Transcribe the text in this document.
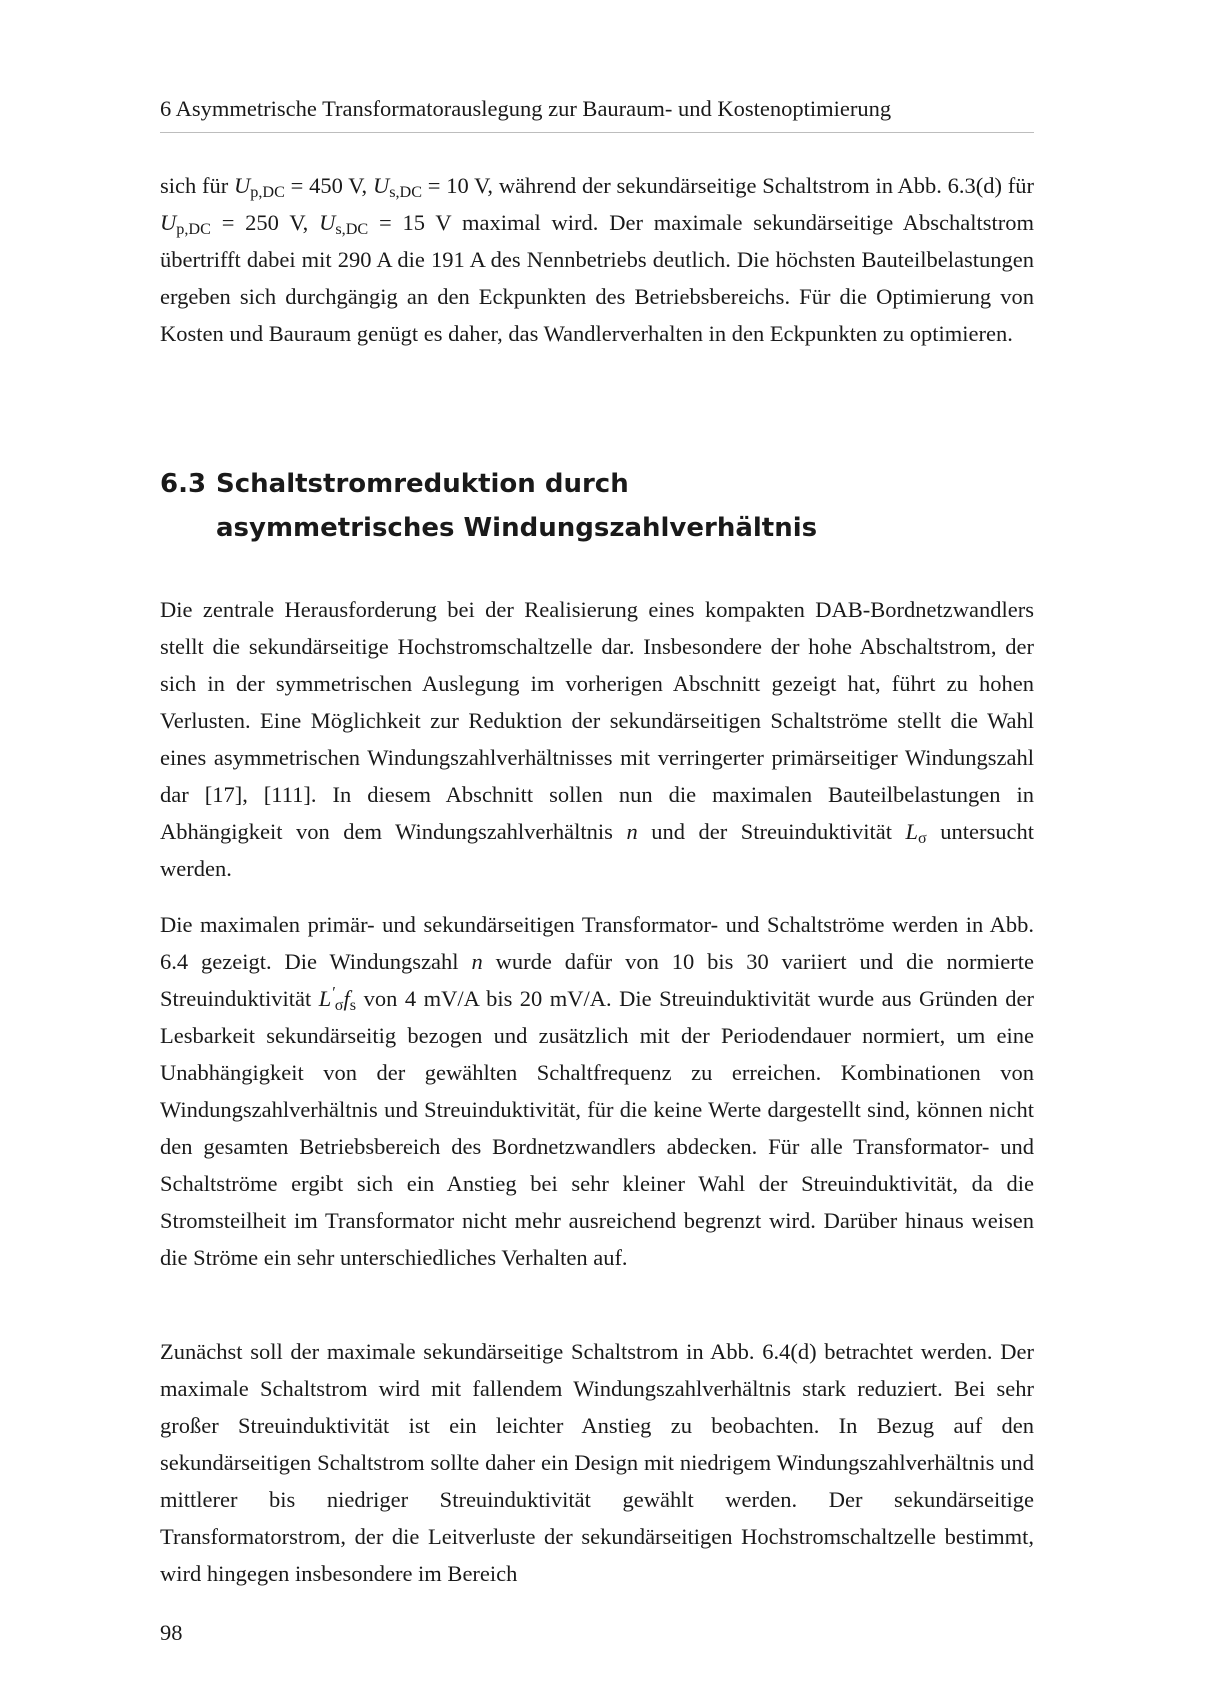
6 Asymmetrische Transformatorauslegung zur Bauraum- und Kostenoptimierung

sich für $U_{p,DC} = 450$ V, $U_{s,DC} = 10$ V, während der sekundärseitige Schaltstrom in Abb. 6.3(d) für $U_{p,DC} = 250$ V, $U_{s,DC} = 15$ V maximal wird. Der maximale sekundärseitige Abschaltstrom übertrifft dabei mit 290 A die 191 A des Nennbetriebs deutlich. Die höchsten Bauteilbelastungen ergeben sich durchgängig an den Eckpunkten des Betriebsbereichs. Für die Optimierung von Kosten und Bauraum genügt es daher, das Wandlerverhalten in den Eckpunkten zu optimieren.

6.3 Schaltstromreduktion durch asymmetrisches Windungszahlverhältnis

Die zentrale Herausforderung bei der Realisierung eines kompakten DAB-Bordnetzwandlers stellt die sekundärseitige Hochstromschaltzelle dar. Insbesondere der hohe Abschaltstrom, der sich in der symmetrischen Auslegung im vorherigen Abschnitt gezeigt hat, führt zu hohen Verlusten. Eine Möglichkeit zur Reduktion der sekundärseitigen Schaltströme stellt die Wahl eines asymmetrischen Windungszahlverhältnisses mit verringerter primärseitiger Windungszahl dar [17], [111]. In diesem Abschnitt sollen nun die maximalen Bauteilbelastungen in Abhängigkeit von dem Windungszahlverhältnis n und der Streuinduktivität $L_\sigma$ untersucht werden.

Die maximalen primär- und sekundärseitigen Transformator- und Schaltströme werden in Abb. 6.4 gezeigt. Die Windungszahl n wurde dafür von 10 bis 30 variiert und die normierte Streuinduktivität $L'_\sigma f_s$ von 4 mV/A bis 20 mV/A. Die Streuinduktivität wurde aus Gründen der Lesbarkeit sekundärseitig bezogen und zusätzlich mit der Periodendauer normiert, um eine Unabhängigkeit von der gewählten Schaltfrequenz zu erreichen. Kombinationen von Windungszahlverhältnis und Streuinduktivität, für die keine Werte dargestellt sind, können nicht den gesamten Betriebsbereich des Bordnetzwandlers abdecken. Für alle Transformator- und Schaltströme ergibt sich ein Anstieg bei sehr kleiner Wahl der Streuinduktivität, da die Stromsteilheit im Transformator nicht mehr ausreichend begrenzt wird. Darüber hinaus weisen die Ströme ein sehr unterschiedliches Verhalten auf.

Zunächst soll der maximale sekundärseitige Schaltstrom in Abb. 6.4(d) betrachtet werden. Der maximale Schaltstrom wird mit fallendem Windungszahlverhältnis stark reduziert. Bei sehr großer Streuinduktivität ist ein leichter Anstieg zu beobachten. In Bezug auf den sekundärseitigen Schaltstrom sollte daher ein Design mit niedrigem Windungszahlverhältnis und mittlerer bis niedriger Streuinduktivität gewählt werden. Der sekundärseitige Transformatorstrom, der die Leitverluste der sekundärseitigen Hochstromschaltzelle bestimmt, wird hingegen insbesondere im Bereich

98
